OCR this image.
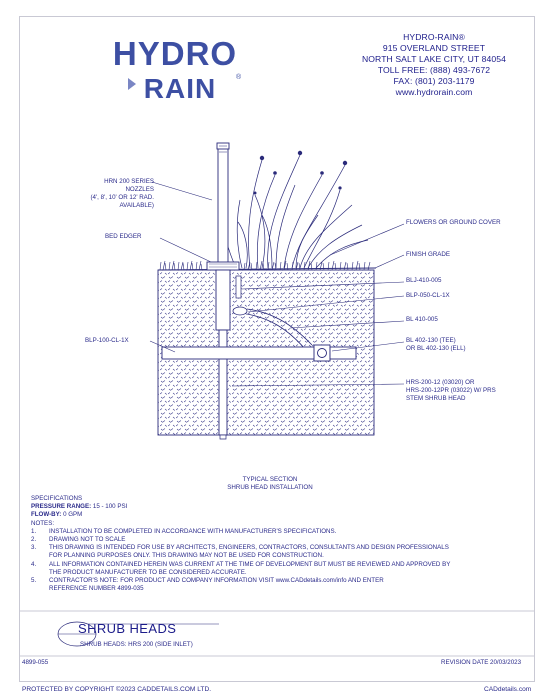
HYDRO
RAIN	®
HYDRO-RAIN®
915 OVERLAND STREET
NORTH SALT LAKE CITY, UT 84054
TOLL FREE: (888) 493-7672
FAX: (801) 203-1179
www.hydrorain.com
HRN 200 SERIES
NOZZLES
(4', 8', 10' OR 12' RAD.
AVAILABLE)
BED EDGER
FLOWERS OR GROUND COVER
FINISH GRADE
BLJ-410-005
BLP-050-CL-1X
BL 410-005
BLP-100-CL-1X	BL 402-130 (TEE)
OR BL 402-130 (ELL)
HRS-200-12 (03020) OR
HRS-200-12PR (03022) W/ PRS
STEM SHRUB HEAD
TYPICAL SECTION
SHRUB HEAD INSTALLATION
SPECIFICATIONS
PRESSURE RANGE: 15 - 100 PSI
FLOW-BY: 0 GPM
NOTES:
1.	INSTALLATION TO BE COMPLETED IN ACCORDANCE WITH MANUFACTURER'S SPECIFICATIONS.
2.	DRAWING NOT TO SCALE
3.	THIS DRAWING IS INTENDED FOR USE BY ARCHITECTS, ENGINEERS, CONTRACTORS, CONSULTANTS AND DESIGN PROFESSIONALS
FOR PLANNING PURPOSES ONLY. THIS DRAWING MAY NOT BE USED FOR CONSTRUCTION.
4.	ALL INFORMATION CONTAINED HEREIN WAS CURRENT AT THE TIME OF DEVELOPMENT BUT MUST BE REVIEWED AND APPROVED BY
THE PRODUCT MANUFACTURER TO BE CONSIDERED ACCURATE.
5.	CONTRACTOR'S NOTE: FOR PRODUCT AND COMPANY INFORMATION VISIT www.CADdetails.com/info AND ENTER
REFERENCE NUMBER 4899-035
SHRUB HEADS
SHRUB HEADS: HRS 200 (SIDE INLET)
4899-055	REVISION DATE 20/03/2023
PROTECTED BY COPYRIGHT ©2023 CADDETAILS.COM LTD.	CADdetails.com
